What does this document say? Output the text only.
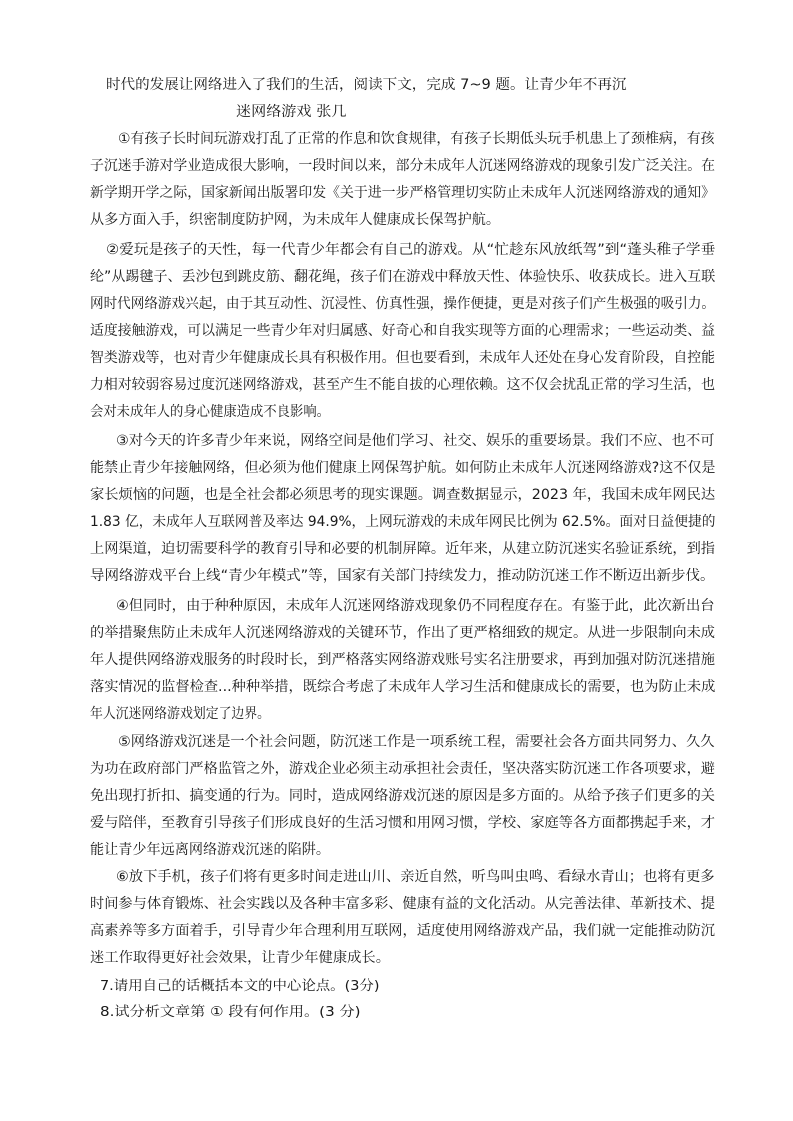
时代的发展让网络进入了我们的生活，阅读下文，完成 7~9 题。让青少年不再沉
迷网络游戏 张几
①有孩子长时间玩游戏打乱了正常的作息和饮食规律，有孩子长期低头玩手机患上了颈椎病，有孩
子沉迷手游对学业造成很大影响，一段时间以来，部分未成年人沉迷网络游戏的现象引发广泛关注。在
新学期开学之际，国家新闻出版署印发《关于进一步严格管理切实防止未成年人沉迷网络游戏的通知》
从多方面入手，织密制度防护网，为未成年人健康成长保驾护航。
②爱玩是孩子的天性，每一代青少年都会有自己的游戏。从“忙趁东风放纸驾”到“蓬头稚子学垂
纶”从踢毽子、丢沙包到跳皮筋、翻花绳，孩子们在游戏中释放天性、体验快乐、收获成长。进入互联
网时代网络游戏兴起，由于其互动性、沉浸性、仿真性强，操作便捷，更是对孩子们产生极强的吸引力。
适度接触游戏，可以满足一些青少年对归属感、好奇心和自我实现等方面的心理需求；一些运动类、益
智类游戏等，也对青少年健康成长具有积极作用。但也要看到，未成年人还处在身心发育阶段，自控能
力相对较弱容易过度沉迷网络游戏，甚至产生不能自拔的心理依赖。这不仅会扰乱正常的学习生活，也
会对未成年人的身心健康造成不良影响。
③对今天的许多青少年来说，网络空间是他们学习、社交、娱乐的重要场景。我们不应、也不可
能禁止青少年接触网络，但必须为他们健康上网保驾护航。如何防止未成年人沉迷网络游戏?这不仅是
家长烦恼的问题，也是全社会都必须思考的现实课题。调查数据显示，2023 年，我国未成年网民达
1.83 亿，未成年人互联网普及率达 94.9%，上网玩游戏的未成年网民比例为 62.5%。面对日益便捷的
上网渠道，迫切需要科学的教育引导和必要的机制屏障。近年来，从建立防沉迷实名验证系统，到指
导网络游戏平台上线“青少年模式”等，国家有关部门持续发力，推动防沉迷工作不断迈出新步伐。
④但同时，由于种种原因，未成年人沉迷网络游戏现象仍不同程度存在。有鉴于此，此次新出台
的举措聚焦防止未成年人沉迷网络游戏的关键环节，作出了更严格细致的规定。从进一步限制向未成
年人提供网络游戏服务的时段时长，到严格落实网络游戏账号实名注册要求，再到加强对防沉迷措施
落实情况的监督检查...种种举措，既综合考虑了未成年人学习生活和健康成长的需要，也为防止未成
年人沉迷网络游戏划定了边界。
⑤网络游戏沉迷是一个社会问题，防沉迷工作是一项系统工程，需要社会各方面共同努力、久久
为功在政府部门严格监管之外，游戏企业必须主动承担社会责任，坚决落实防沉迷工作各项要求，避
免出现打折扣、搞变通的行为。同时，造成网络游戏沉迷的原因是多方面的。从给予孩子们更多的关
爱与陪伴，至教育引导孩子们形成良好的生活习惯和用网习惯，学校、家庭等各方面都携起手来，才
能让青少年远离网络游戏沉迷的陷阱。
⑥放下手机，孩子们将有更多时间走进山川、亲近自然，听鸟叫虫鸣、看绿水青山；也将有更多
时间参与体育锻炼、社会实践以及各种丰富多彩、健康有益的文化活动。从完善法律、革新技术、提
高素养等多方面着手，引导青少年合理利用互联网，适度使用网络游戏产品，我们就一定能推动防沉
迷工作取得更好社会效果，让青少年健康成长。
7.请用自己的话概括本文的中心论点。(3分)
8.试分析文章第 ① 段有何作用。(3 分)
